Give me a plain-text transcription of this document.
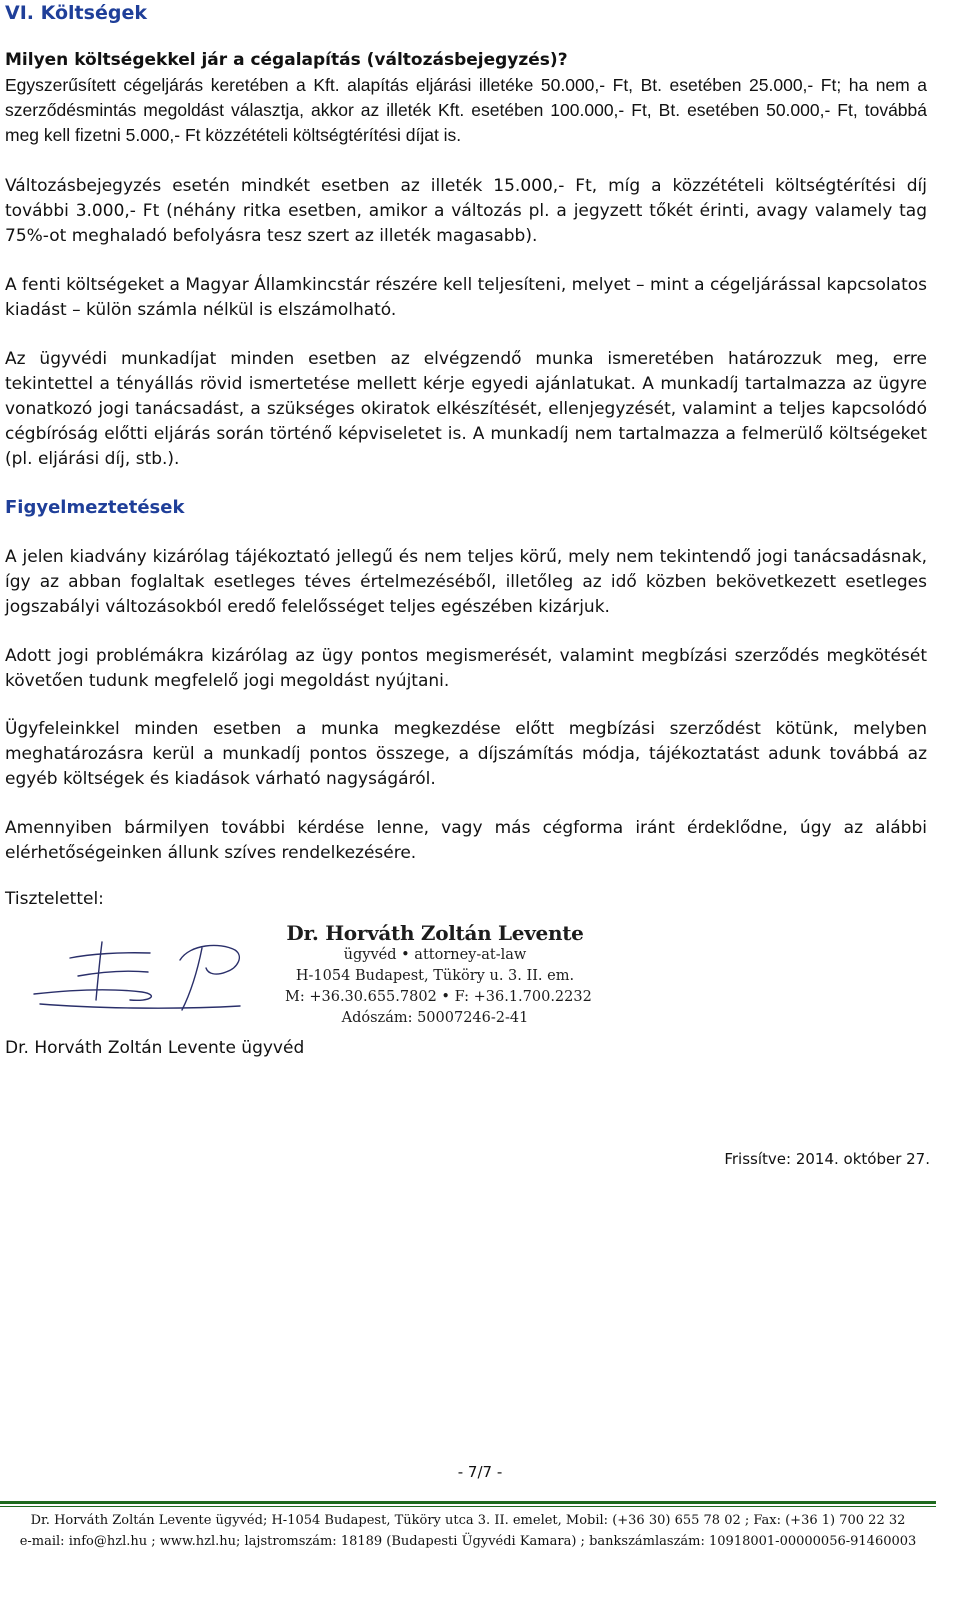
VI. Költségek
Milyen költségekkel jár a cégalapítás (változásbejegyzés)?

Egyszerűsített cégeljárás keretében a Kft. alapítás eljárási illetéke 50.000,- Ft, Bt. esetében 25.000,- Ft; ha nem a szerződésmintás megoldást választja, akkor az illeték Kft. esetében 100.000,- Ft, Bt. esetében 50.000,- Ft, továbbá meg kell fizetni 5.000,- Ft közzétételi költségtérítési díjat is.

Változásbejegyzés esetén mindkét esetben az illeték 15.000,- Ft, míg a közzétételi költségtérítési díj további 3.000,- Ft (néhány ritka esetben, amikor a változás pl. a jegyzett tőkét érinti, avagy valamely tag 75%-ot meghaladó befolyásra tesz szert az illeték magasabb).

A fenti költségeket a Magyar Államkincstár részére kell teljesíteni, melyet – mint a cégeljárással kapcsolatos kiadást – külön számla nélkül is elszámolható.

Az ügyvédi munkadíjat minden esetben az elvégzendő munka ismeretében határozzuk meg, erre tekintettel a tényállás rövid ismertetése mellett kérje egyedi ajánlatukat. A munkadíj tartalmazza az ügyre vonatkozó jogi tanácsadást, a szükséges okiratok elkészítését, ellenjegyzését, valamint a teljes kapcsolódó cégbíróság előtti eljárás során történő képviseletet is. A munkadíj nem tartalmazza a felmerülő költségeket (pl. eljárási díj, stb.).

Figyelmeztetések

A jelen kiadvány kizárólag tájékoztató jellegű és nem teljes körű, mely nem tekintendő jogi tanácsadásnak, így az abban foglaltak esetleges téves értelmezéséből, illetőleg az idő közben bekövetkezett esetleges jogszabályi változásokból eredő felelősséget teljes egészében kizárjuk.

Adott jogi problémákra kizárólag az ügy pontos megismerését, valamint megbízási szerződés megkötését követően tudunk megfelelő jogi megoldást nyújtani.

Ügyfeleinkkel minden esetben a munka megkezdése előtt megbízási szerződést kötünk, melyben meghatározásra kerül a munkadíj pontos összege, a díjszámítás módja, tájékoztatást adunk továbbá az egyéb költségek és kiadások várható nagyságáról.

Amennyiben bármilyen további kérdése lenne, vagy más cégforma iránt érdeklődne, úgy az alábbi elérhetőségeinken állunk szíves rendelkezésére.

Tisztelettel:

Dr. Horváth Zoltán Levente
ügyvéd • attorney-at-law
H-1054 Budapest, Tüköry u. 3. II. em.
M: +36.30.655.7802 • F: +36.1.700.2232
Adószám: 50007246-2-41

Dr. Horváth Zoltán Levente ügyvéd

Frissítve: 2014. október 27.

- 7/7 -

Dr. Horváth Zoltán Levente ügyvéd; H-1054 Budapest, Tüköry utca 3. II. emelet, Mobil: (+36 30) 655 78 02 ; Fax: (+36 1) 700 22 32
e-mail: info@hzl.hu ; www.hzl.hu; lajstromszám: 18189 (Budapesti Ügyvédi Kamara) ; bankszámlaszám: 10918001-00000056-91460003
